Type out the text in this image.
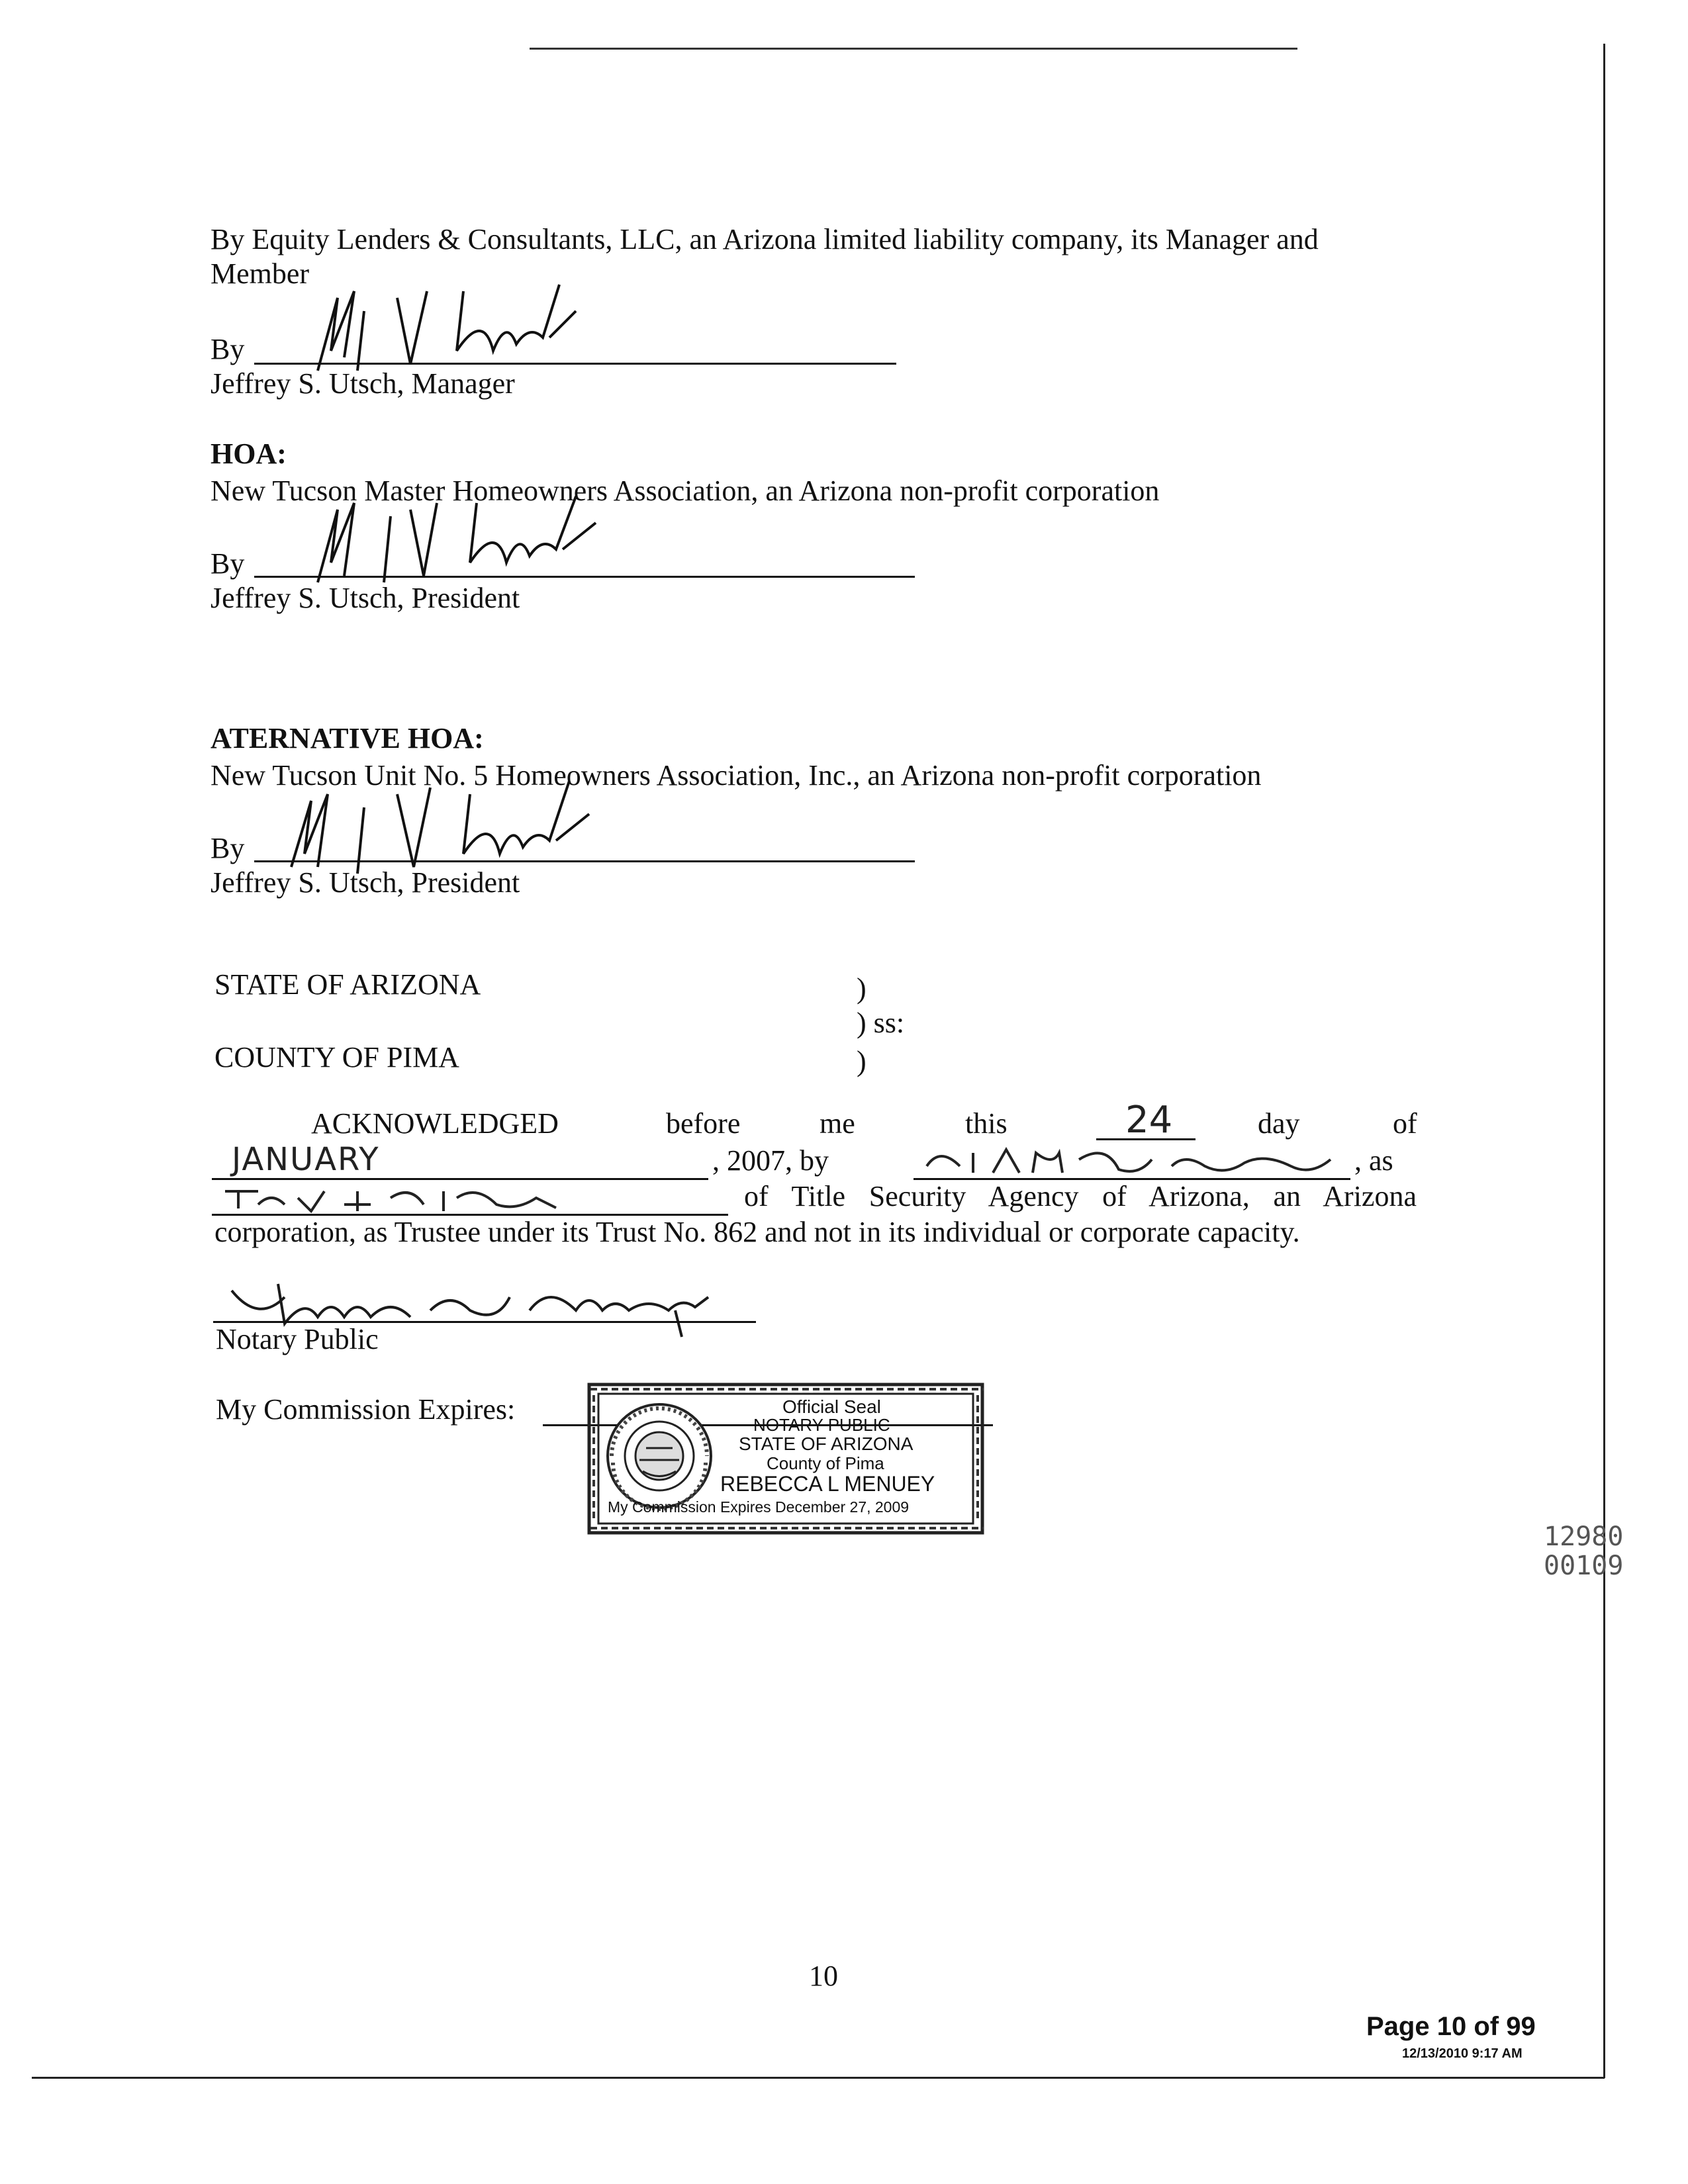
By Equity Lenders & Consultants, LLC, an Arizona limited liability company, its Manager and
Member
By
Jeffrey S. Utsch, Manager
HOA:
New Tucson Master Homeowners Association, an Arizona non-profit corporation
By
Jeffrey S. Utsch, President
ATERNATIVE HOA:
New Tucson Unit No. 5 Homeowners Association, Inc., an Arizona non-profit corporation
By
Jeffrey S. Utsch, President
STATE OF ARIZONA	)
) ss:
COUNTY OF PIMA	)
ACKNOWLEDGED	before	me	this	24	day	of
JANUARY	, 2007, by	, as
of Title Security Agency of Arizona, an Arizona
corporation, as Trustee under its Trust No. 862 and not in its individual or corporate capacity.
Notary Public
My Commission Expires:	Official Seal
NOTARY PUBLIC
STATE OF ARIZONA
County of Pima
REBECCA L MENUEY
My Commission Expires December 27, 2009
12980 00109
10
Page 10 of 99
12/13/2010 9:17 AM
